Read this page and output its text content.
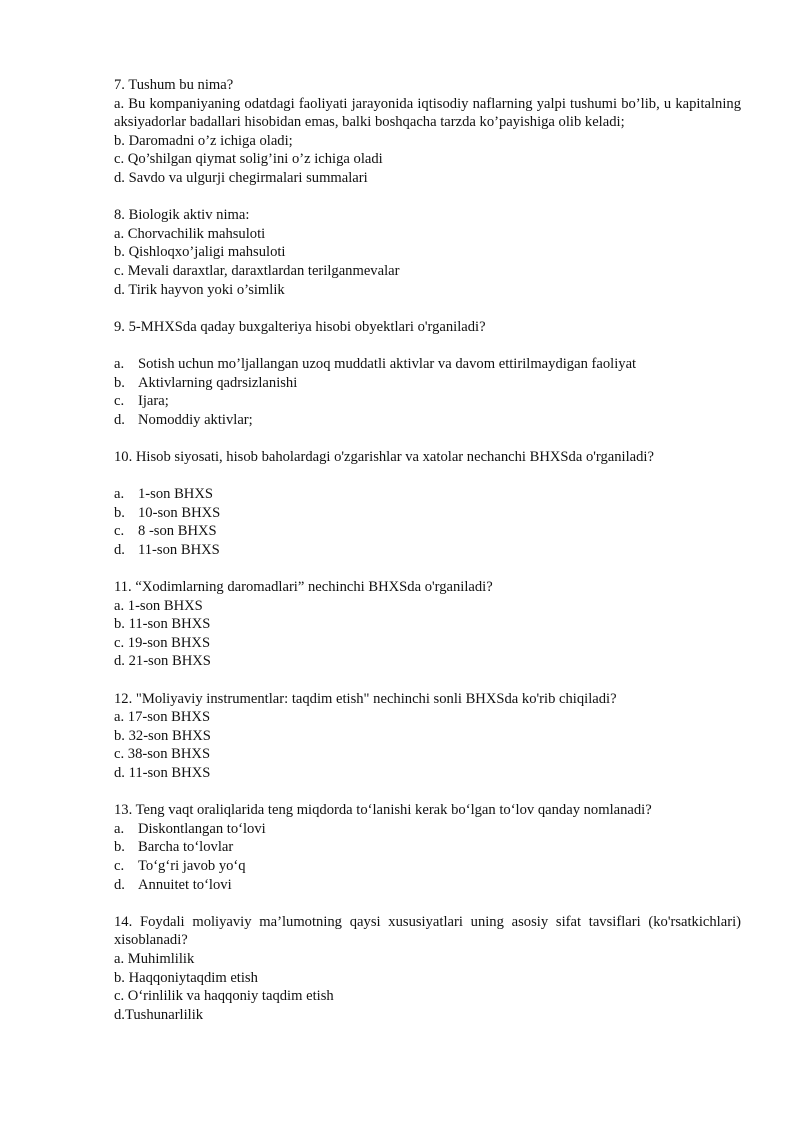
7. Tushum bu nima?
a. Bu kompaniyaning odatdagi faoliyati jarayonida iqtisodiy naflarning yalpi tushumi bo’lib, u kapitalning aksiyadorlar badallari hisobidan emas, balki boshqacha tarzda ko’payishiga olib keladi;
b. Daromadni o’z ichiga oladi;
c. Qo’shilgan qiymat solig’ini o’z ichiga oladi
d. Savdo va ulgurji chegirmalari summalari
8. Biologik aktiv nima:
a. Chorvachilik mahsuloti
b. Qishloqxo’jaligi mahsuloti
c. Mevali daraxtlar, daraxtlardan terilganmevalar
d. Tirik hayvon yoki o’simlik
9. 5-MHXSda qaday buxgalteriya hisobi obyektlari o'rganiladi?
a. Sotish uchun mo’ljallangan uzoq muddatli aktivlar va davom ettirilmaydigan faoliyat
b. Aktivlarning qadrsizlanishi
c. Ijara;
d. Nomoddiy aktivlar;
10. Hisob siyosati, hisob baholardagi o'zgarishlar va xatolar nechanchi BHXSda o'rganiladi?
a. 1-son BHXS
b. 10-son BHXS
c. 8 -son BHXS
d. 11-son BHXS
11. “Xodimlarning daromadlari” nechinchi BHXSda o'rganiladi?
a. 1-son BHXS
b. 11-son BHXS
c. 19-son BHXS
d. 21-son BHXS
12. "Moliyaviy instrumentlar: taqdim etish" nechinchi sonli BHXSda ko'rib chiqiladi?
a. 17-son BHXS
b. 32-son BHXS
c. 38-son BHXS
d. 11-son BHXS
13. Teng vaqt oraliqlarida teng miqdorda to‘lanishi kerak bo‘lgan to‘lov qanday nomlanadi?
a. Diskontlangan to‘lovi
b. Barcha to‘lovlar
c. To‘g‘ri javob yo‘q
d. Annuitet to‘lovi
14. Foydali moliyaviy ma’lumotning qaysi xususiyatlari uning asosiy sifat tavsiflari (ko'rsatkichlari) xisoblanadi?
a. Muhimlilik
b. Haqqoniytaqdim etish
c. O‘rinlilik va haqqoniy taqdim etish
d.Tushunarlilik
